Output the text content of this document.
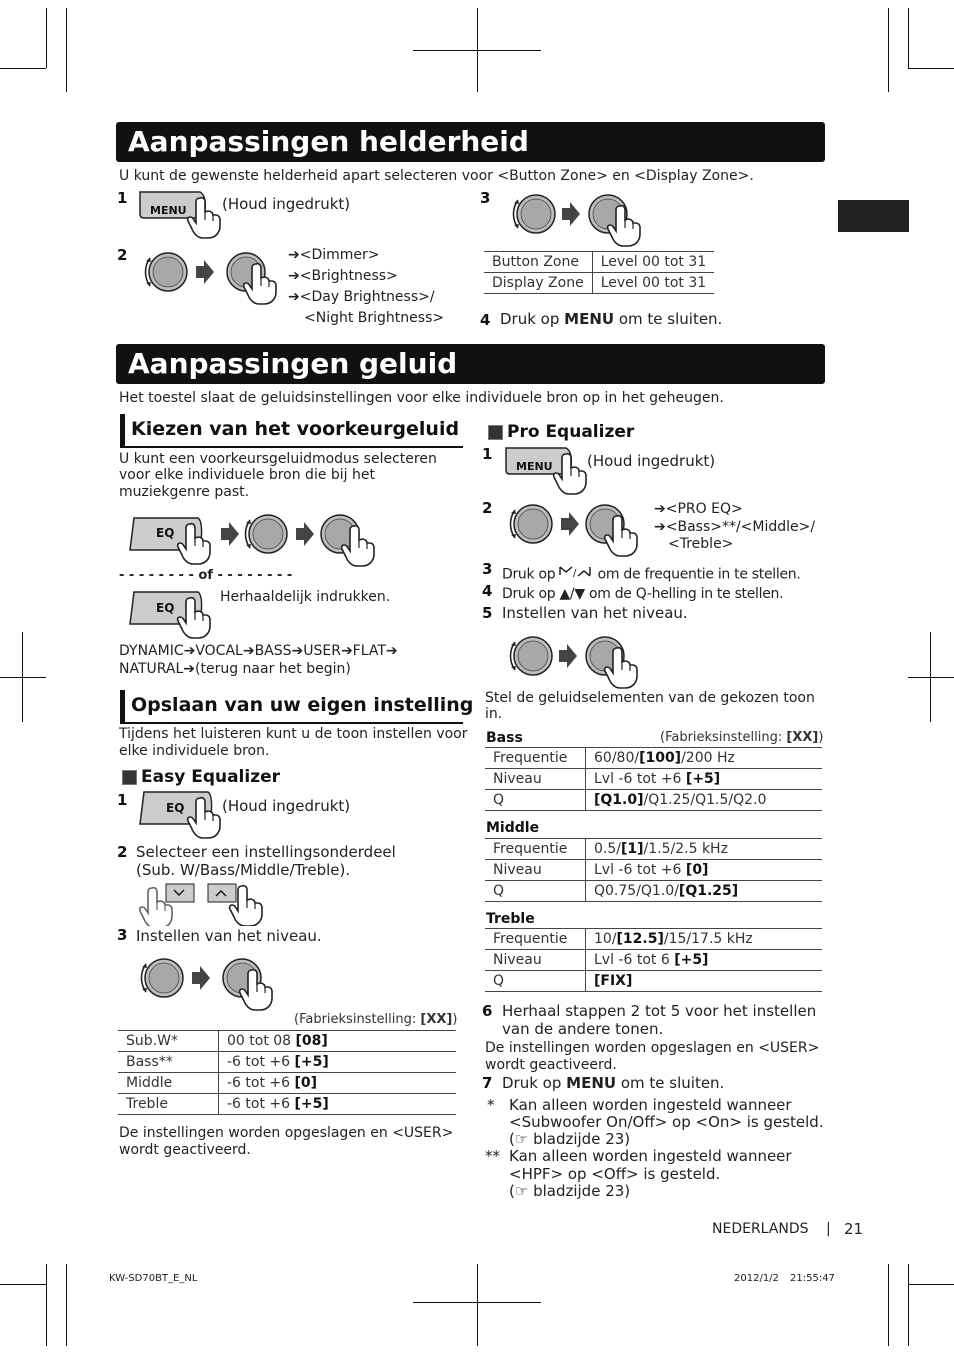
Aanpassingen helderheid
U kunt de gewenste helderheid apart selecteren voor <Button Zone> en <Display Zone>.
1
MENU (Houd ingedrukt)
2	➔<Dimmer>
➔<Brightness>
➔<Day Brightness>/
<Night Brightness>
3
Button Zone	Level 00 tot 31
Display Zone	Level 00 tot 31
4 Druk op MENU om te sluiten.
Aanpassingen geluid
Het toestel slaat de geluidsinstellingen voor elke individuele bron op in het geheugen.
Kiezen van het voorkeurgeluid
U kunt een voorkeursgeluidmodus selecteren
voor elke individuele bron die bij het
muziekgenre past.
EQ
- - - - - - - - of - - - - - - - -
EQ
Herhaaldelijk indrukken.
DYNAMIC➔VOCAL➔BASS➔USER➔FLAT➔
NATURAL➔(terug naar het begin)
Opslaan van uw eigen instelling
Tijdens het luisteren kunt u de toon instellen voor
elke individuele bron.
Easy Equalizer
1	EQ	(Houd ingedrukt)
2 Selecteer een instellingsonderdeel
(Sub. W/Bass/Middle/Treble).
3 Instellen van het niveau.
(Fabrieksinstelling: [XX])
Sub.W*	00 tot 08 [08]
Bass**	-6 tot +6 [+5]
Middle	-6 tot +6 [0]
Treble	-6 tot +6 [+5]
De instellingen worden opgeslagen en <USER>
wordt geactiveerd.
Pro Equalizer
1
MENU (Houd ingedrukt)
2	➔<PRO EQ>
➔<Bass>**/<Middle>/
<Treble>
3 Druk op / om de frequentie in te stellen.
4 Druk op ▲/▼ om de Q-helling in te stellen.
5 Instellen van het niveau.
Stel de geluidselementen van de gekozen toon
in.
Bass	(Fabrieksinstelling: [XX])
Frequentie	60/80/[100]/200 Hz
Niveau	Lvl -6 tot +6 [+5]
Q	[Q1.0]/Q1.25/Q1.5/Q2.0
Middle
Frequentie	0.5/[1]/1.5/2.5 kHz
Niveau	Lvl -6 tot +6 [0]
Q	Q0.75/Q1.0/[Q1.25]
Treble
Frequentie	10/[12.5]/15/17.5 kHz
Niveau	Lvl -6 tot 6 [+5]
Q	[FIX]
6 Herhaal stappen 2 tot 5 voor het instellen
van de andere tonen.
De instellingen worden opgeslagen en <USER>
wordt geactiveerd.
7 Druk op MENU om te sluiten.
* Kan alleen worden ingesteld wanneer
<Subwoofer On/Off> op <On> is gesteld.
(☞ bladzijde 23)
** Kan alleen worden ingesteld wanneer
<HPF> op <Off> is gesteld.
(☞ bladzijde 23)
NEDERLANDS | 21
KW-SD70BT_E_NL	2012/1/2 21:55:47
